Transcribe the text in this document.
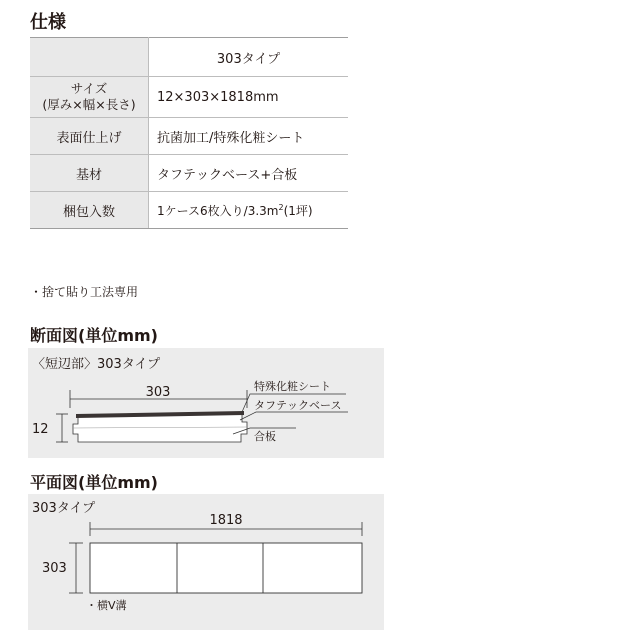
仕様
	303タイプ

サイズ
(厚み×幅×長さ)	12×303×1818mm
表面仕上げ	抗菌加工/特殊化粧シート
基材	タフテックベース+合板
梱包入数	1ケース6枚入り$/3.3m^2(1$坪)
・捨て貼り工法専用
断面図(単位mm)
〈短辺部〉303タイプ
303
12
特殊化粧シート
タフテックベース
合板
平面図(単位mm)
303タイプ
1818
303
・横V溝
